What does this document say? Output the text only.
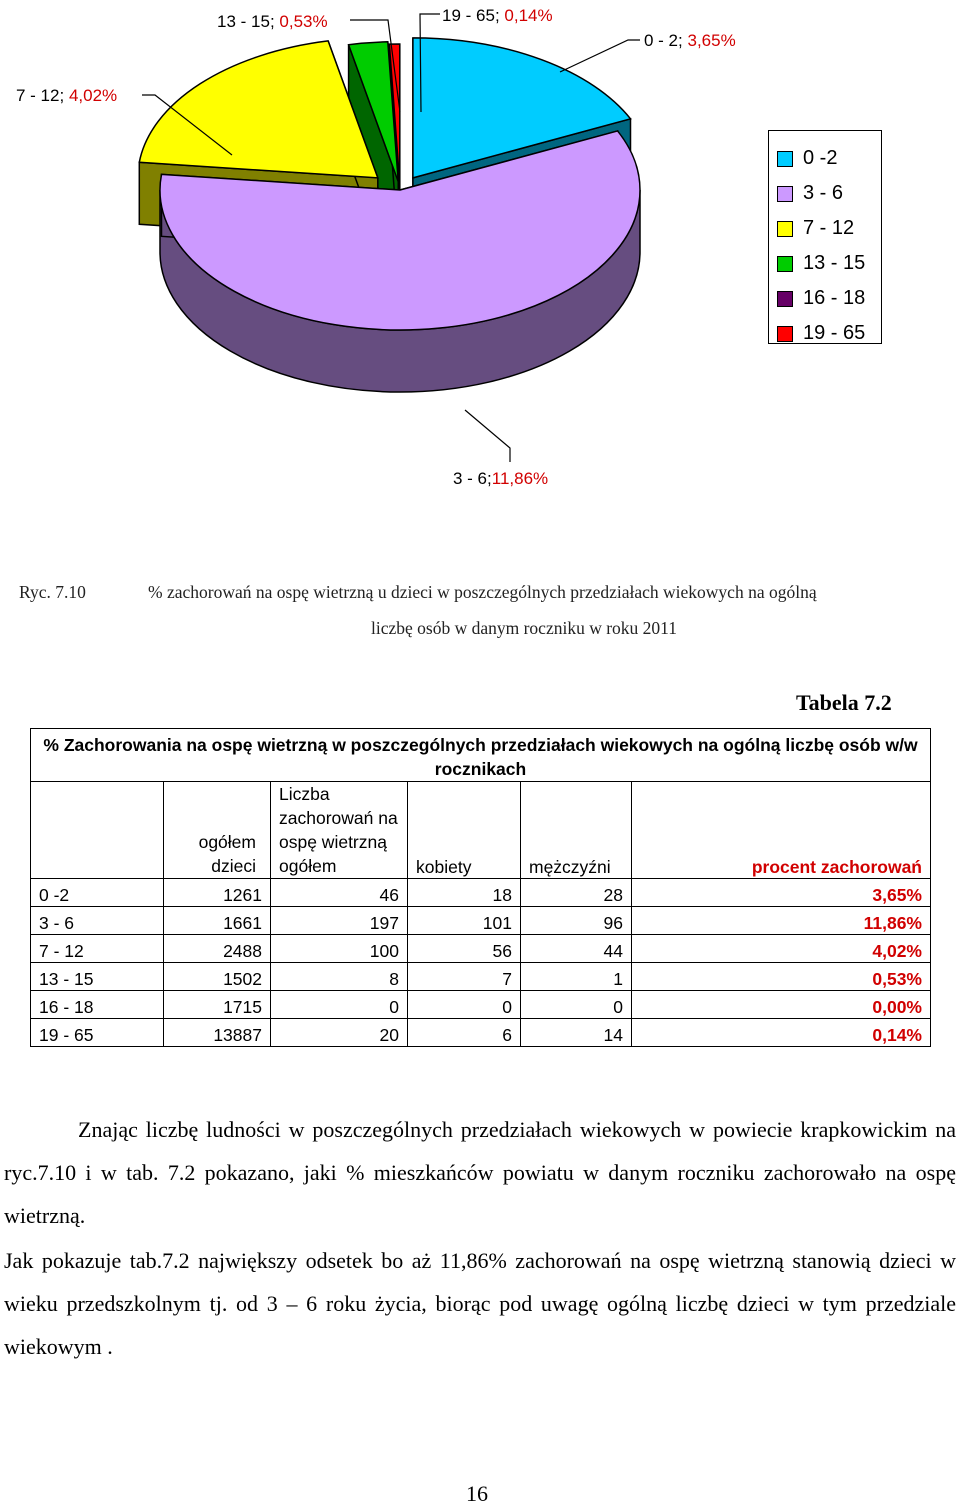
13 - 15; 0,53%	19 - 65; 0,14%
0 - 2; 3,65%
7 - 12; 4,02%
3 - 6;11,86%
0 -2
3 - 6
7 - 12
13 - 15
16 - 18
19 - 65
Ryc. 7.10	% zachorowań na ospę wietrzną u dzieci w poszczególnych przedziałach wiekowych na ogólną
liczbę osób w danym roczniku w roku 2011
Tabela 7.2
% Zachorowania na ospę wietrzną w poszczególnych przedziałach wiekowych na ogólną liczbę osób w/w rocznikach					
	ogółem dzieci	Liczba zachorowań na ospę wietrzną ogółem	kobiety	mężczyźni	procent zachorowań
0 -2	1261	46	18	28	3,65%
3 - 6	1661	197	101	96	11,86%
7 - 12	2488	100	56	44	4,02%
13 - 15	1502	8	7	1	0,53%
16 - 18	1715	0	0	0	0,00%
19 - 65	13887	20	6	14	0,14%
Znając liczbę ludności w poszczególnych przedziałach wiekowych w powiecie krapkowickim na ryc.7.10 i w tab. 7.2 pokazano, jaki % mieszkańców powiatu w danym roczniku zachorowało na ospę wietrzną.
Jak pokazuje tab.7.2 największy odsetek bo aż 11,86% zachorowań na ospę wietrzną stanowią dzieci w wieku przedszkolnym tj. od 3 – 6 roku życia, biorąc pod uwagę ogólną liczbę dzieci w tym przedziale wiekowym .
16
